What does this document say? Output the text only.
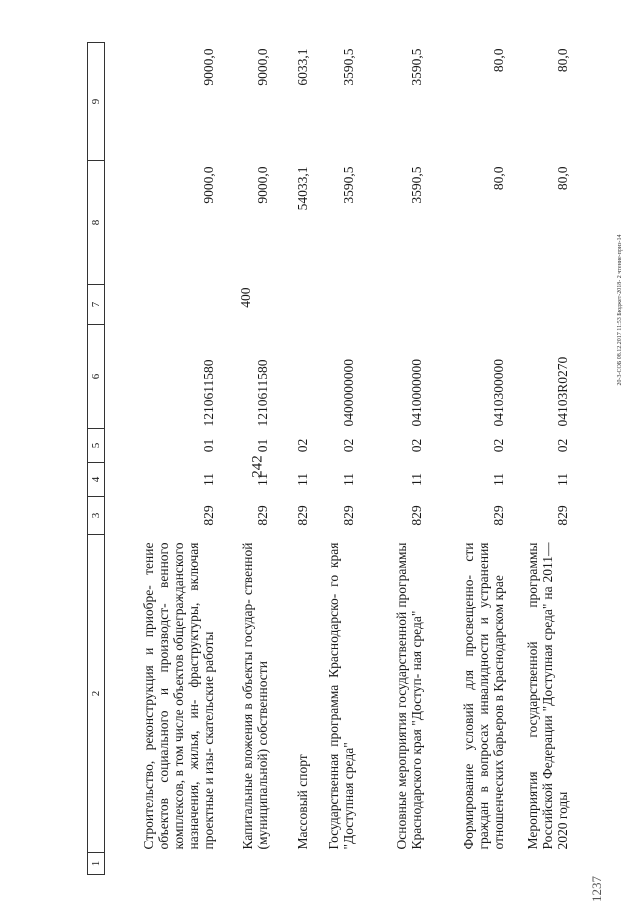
242
20-3-СОБ 08.12.2017 11:53 Бюджет-2018- 2 чтение-приз-14
1237
1	2	3	4	5	6	7	8	9
	Строительство, реконструкция и приобре- тение объектов социального и производст- венного комплексов, в том числе объектов общегражданского назначения, жилья, ин- фраструктуры, включая проектные и изы- скательские работы	829	11	01	1210611580		9000,0	9000,0
	Капитальные вложения в объекты государ- ственной (муниципальной) собственности	829	11	01	1210611580	400	9000,0	9000,0
	Массовый спорт	829	11	02			54033,1	6033,1
	Государственная программа Краснодарско- го края "Доступная среда"	829	11	02	0400000000		3590,5	3590,5
	Основные мероприятия государственной программы Краснодарского края "Доступ- ная среда"	829	11	02	0410000000		3590,5	3590,5
	Формирование условий для просвещенно- сти граждан в вопросах инвалидности и устранения отношенческих барьеров в Краснодарском крае	829	11	02	0410300000		80,0	80,0
	Мероприятия государственной программы Российской Федерации "Доступная среда" на 2011—2020 годы	829	11	02	04103R0270		80,0	80,0
